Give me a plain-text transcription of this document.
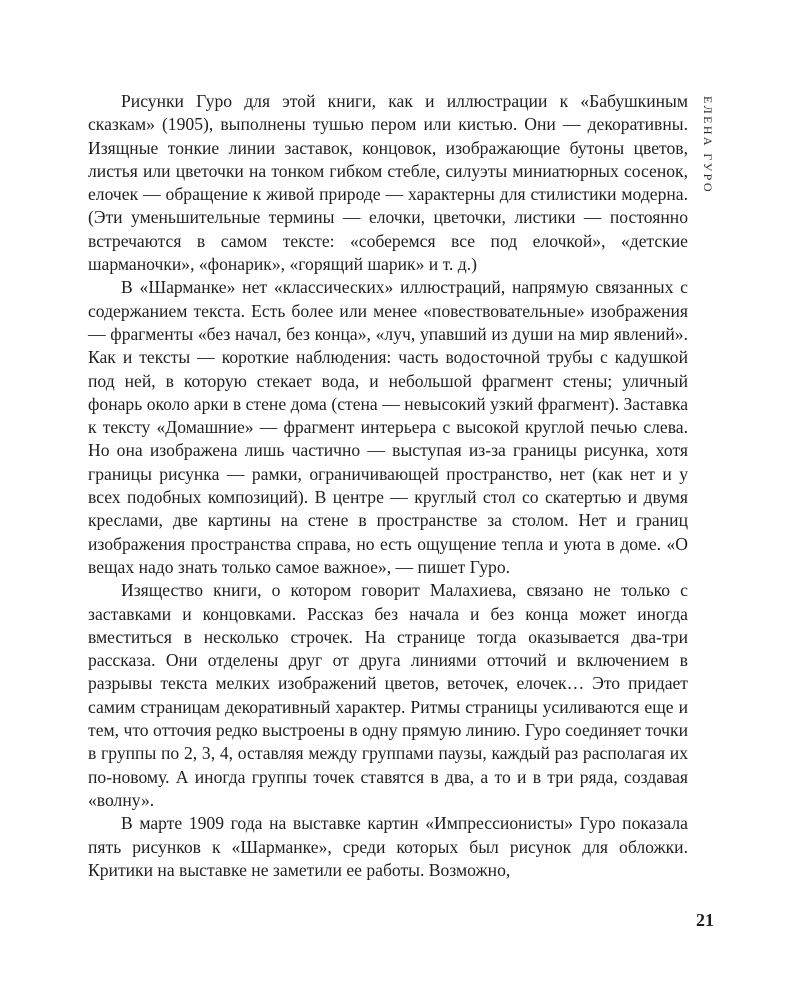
ЕЛЕНА ГУРО

Рисунки Гуро для этой книги, как и иллюстрации к «Бабушкиным сказкам» (1905), выполнены тушью пером или кистью. Они — декоративны. Изящные тонкие линии заставок, концовок, изображающие бутоны цветов, листья или цветочки на тонком гибком стебле, силуэты миниатюрных сосенок, елочек — обращение к живой природе — характерны для стилистики модерна. (Эти уменьшительные термины — елочки, цветочки, листики — постоянно встречаются в самом тексте: «соберемся все под елочкой», «детские шарманочки», «фонарик», «горящий шарик» и т. д.)

В «Шарманке» нет «классических» иллюстраций, напрямую связанных с содержанием текста. Есть более или менее «повествовательные» изображения — фрагменты «без начал, без конца», «луч, упавший из души на мир явлений». Как и тексты — короткие наблюдения: часть водосточной трубы с кадушкой под ней, в которую стекает вода, и небольшой фрагмент стены; уличный фонарь около арки в стене дома (стена — невысокий узкий фрагмент). Заставка к тексту «Домашние» — фрагмент интерьера с высокой круглой печью слева. Но она изображена лишь частично — выступая из-за границы рисунка, хотя границы рисунка — рамки, ограничивающей пространство, нет (как нет и у всех подобных композиций). В центре — круглый стол со скатертью и двумя креслами, две картины на стене в пространстве за столом. Нет и границ изображения пространства справа, но есть ощущение тепла и уюта в доме. «О вещах надо знать только самое важное», — пишет Гуро.

Изящество книги, о котором говорит Малахиева, связано не только с заставками и концовками. Рассказ без начала и без конца может иногда вместиться в несколько строчек. На странице тогда оказывается два-три рассказа. Они отделены друг от друга линиями отточий и включением в разрывы текста мелких изображений цветов, веточек, елочек… Это придает самим страницам декоративный характер. Ритмы страницы усиливаются еще и тем, что отточия редко выстроены в одну прямую линию. Гуро соединяет точки в группы по 2, 3, 4, оставляя между группами паузы, каждый раз располагая их по-новому. А иногда группы точек ставятся в два, а то и в три ряда, создавая «волну».

В марте 1909 года на выставке картин «Импрессионисты» Гуро показала пять рисунков к «Шарманке», среди которых был рисунок для обложки. Критики на выставке не заметили ее работы. Возможно,

21
